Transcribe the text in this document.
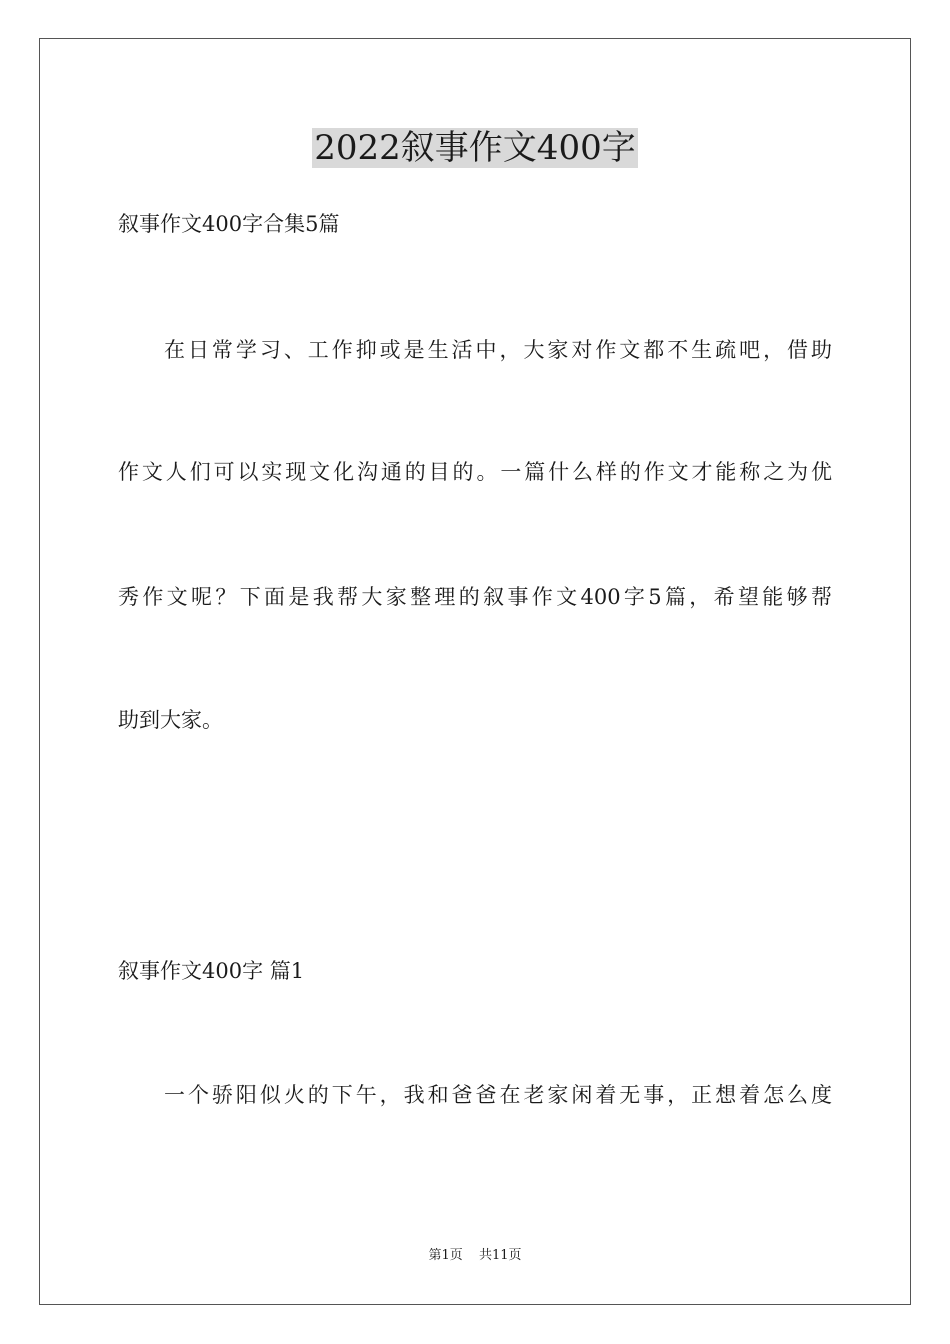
2022叙事作文400字

叙事作文400字合集5篇

在日常学习、工作抑或是生活中，大家对作文都不生疏吧，借助

作文人们可以实现文化沟通的目的。一篇什么样的作文才能称之为优

秀作文呢？下面是我帮大家整理的叙事作文400字5篇，希望能够帮

助到大家。

叙事作文400字 篇1

一个骄阳似火的下午，我和爸爸在老家闲着无事，正想着怎么度

第1页 共11页
